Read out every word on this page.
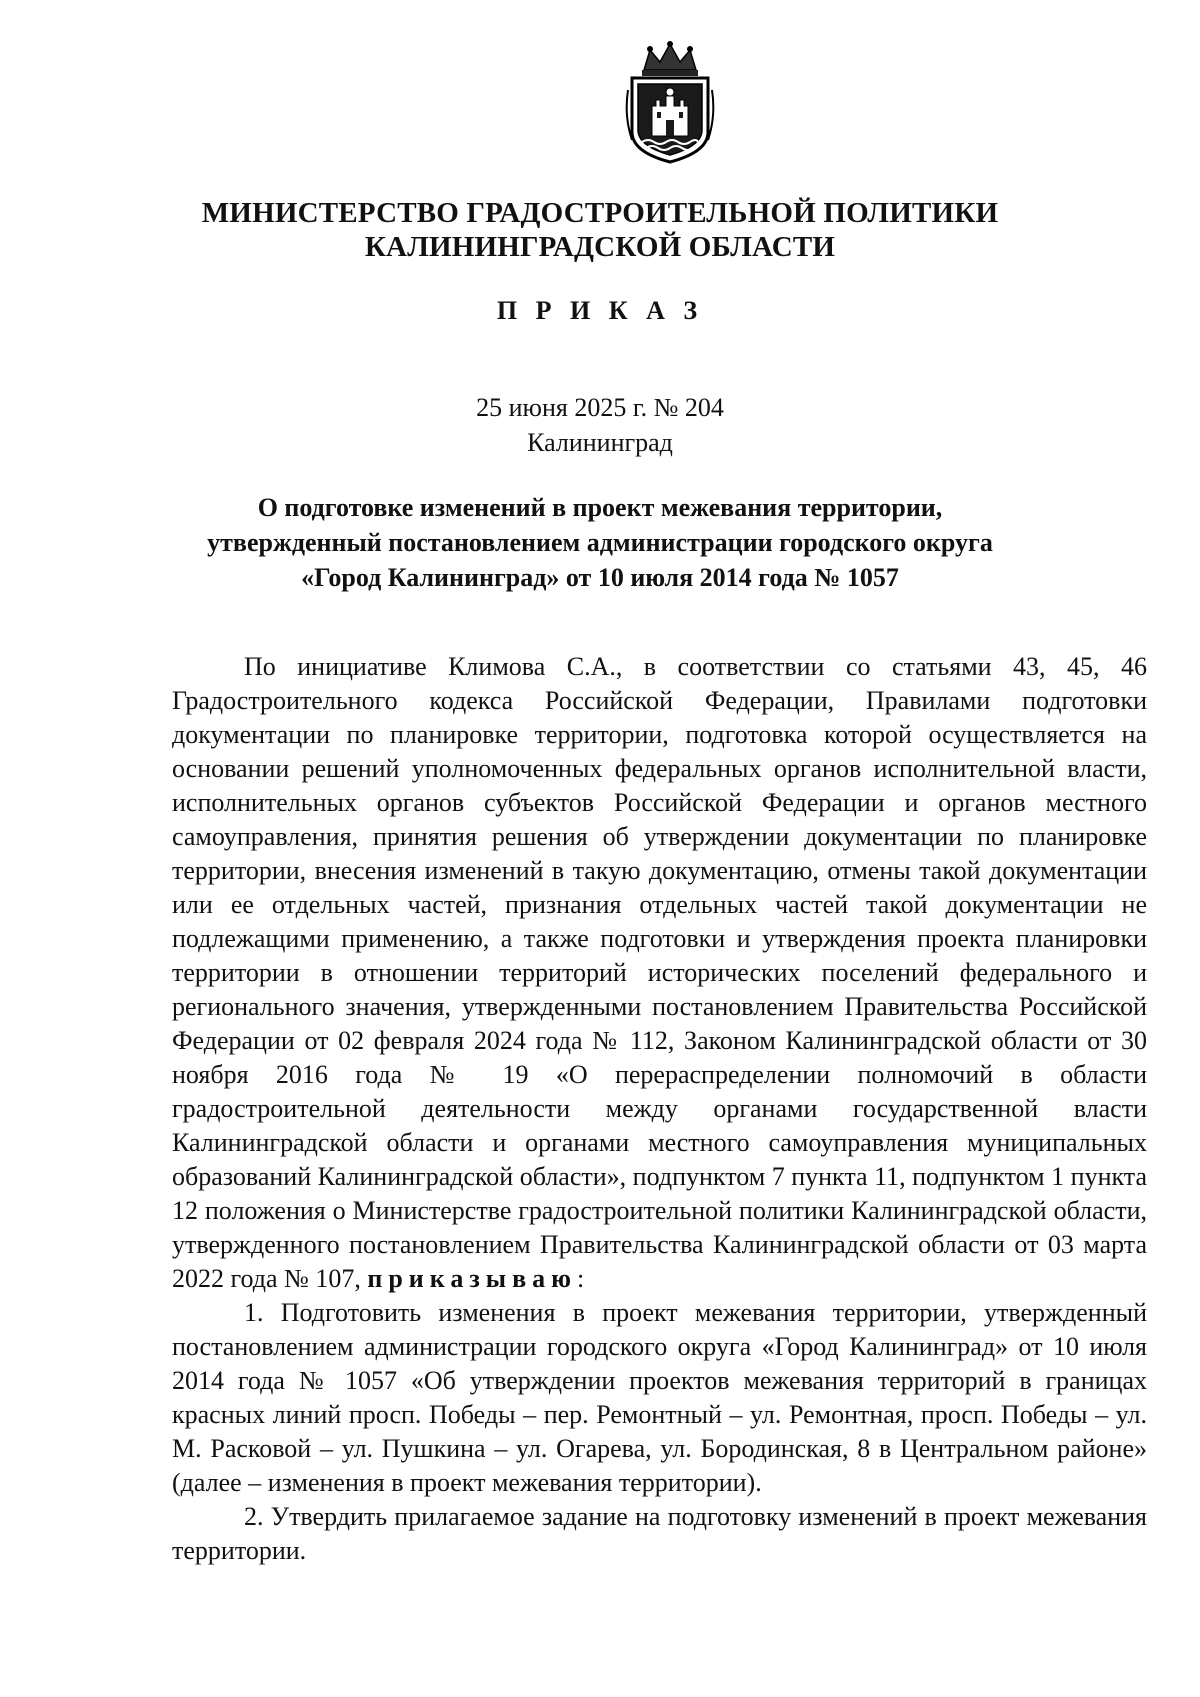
МИНИСТЕРСТВО ГРАДОСТРОИТЕЛЬНОЙ ПОЛИТИКИ
КАЛИНИНГРАДСКОЙ ОБЛАСТИ
П Р И К А З
25 июня 2025 г. № 204
Калининград
О подготовке изменений в проект межевания территории,
утвержденный постановлением администрации городского округа
«Город Калининград» от 10 июля 2014 года № 1057

По инициативе Климова С.А., в соответствии со статьями 43, 45, 46 Градостроительного кодекса Российской Федерации, Правилами подготовки документации по планировке территории, подготовка которой осуществляется на основании решений уполномоченных федеральных органов исполнительной власти, исполнительных органов субъектов Российской Федерации и органов местного самоуправления, принятия решения об утверждении документации по планировке территории, внесения изменений в такую документацию, отмены такой документации или ее отдельных частей, признания отдельных частей такой документации не подлежащими применению, а также подготовки и утверждения проекта планировки территории в отношении территорий исторических поселений федерального и регионального значения, утвержденными постановлением Правительства Российской Федерации от 02 февраля 2024 года № 112, Законом Калининградской области от 30 ноября 2016 года № 19 «О перераспределении полномочий в области градостроительной деятельности между органами государственной власти Калининградской области и органами местного самоуправления муниципальных образований Калининградской области», подпунктом 7 пункта 11, подпунктом 1 пункта 12 положения о Министерстве градостроительной политики Калининградской области, утвержденного постановлением Правительства Калининградской области от 03 марта 2022 года № 107, приказываю:

1. Подготовить изменения в проект межевания территории, утвержденный постановлением администрации городского округа «Город Калининград» от 10 июля 2014 года № 1057 «Об утверждении проектов межевания территорий в границах красных линий просп. Победы – пер. Ремонтный – ул. Ремонтная, просп. Победы – ул. М. Расковой – ул. Пушкина – ул. Огарева, ул. Бородинская, 8 в Центральном районе» (далее – изменения в проект межевания территории).

2. Утвердить прилагаемое задание на подготовку изменений в проект межевания территории.
